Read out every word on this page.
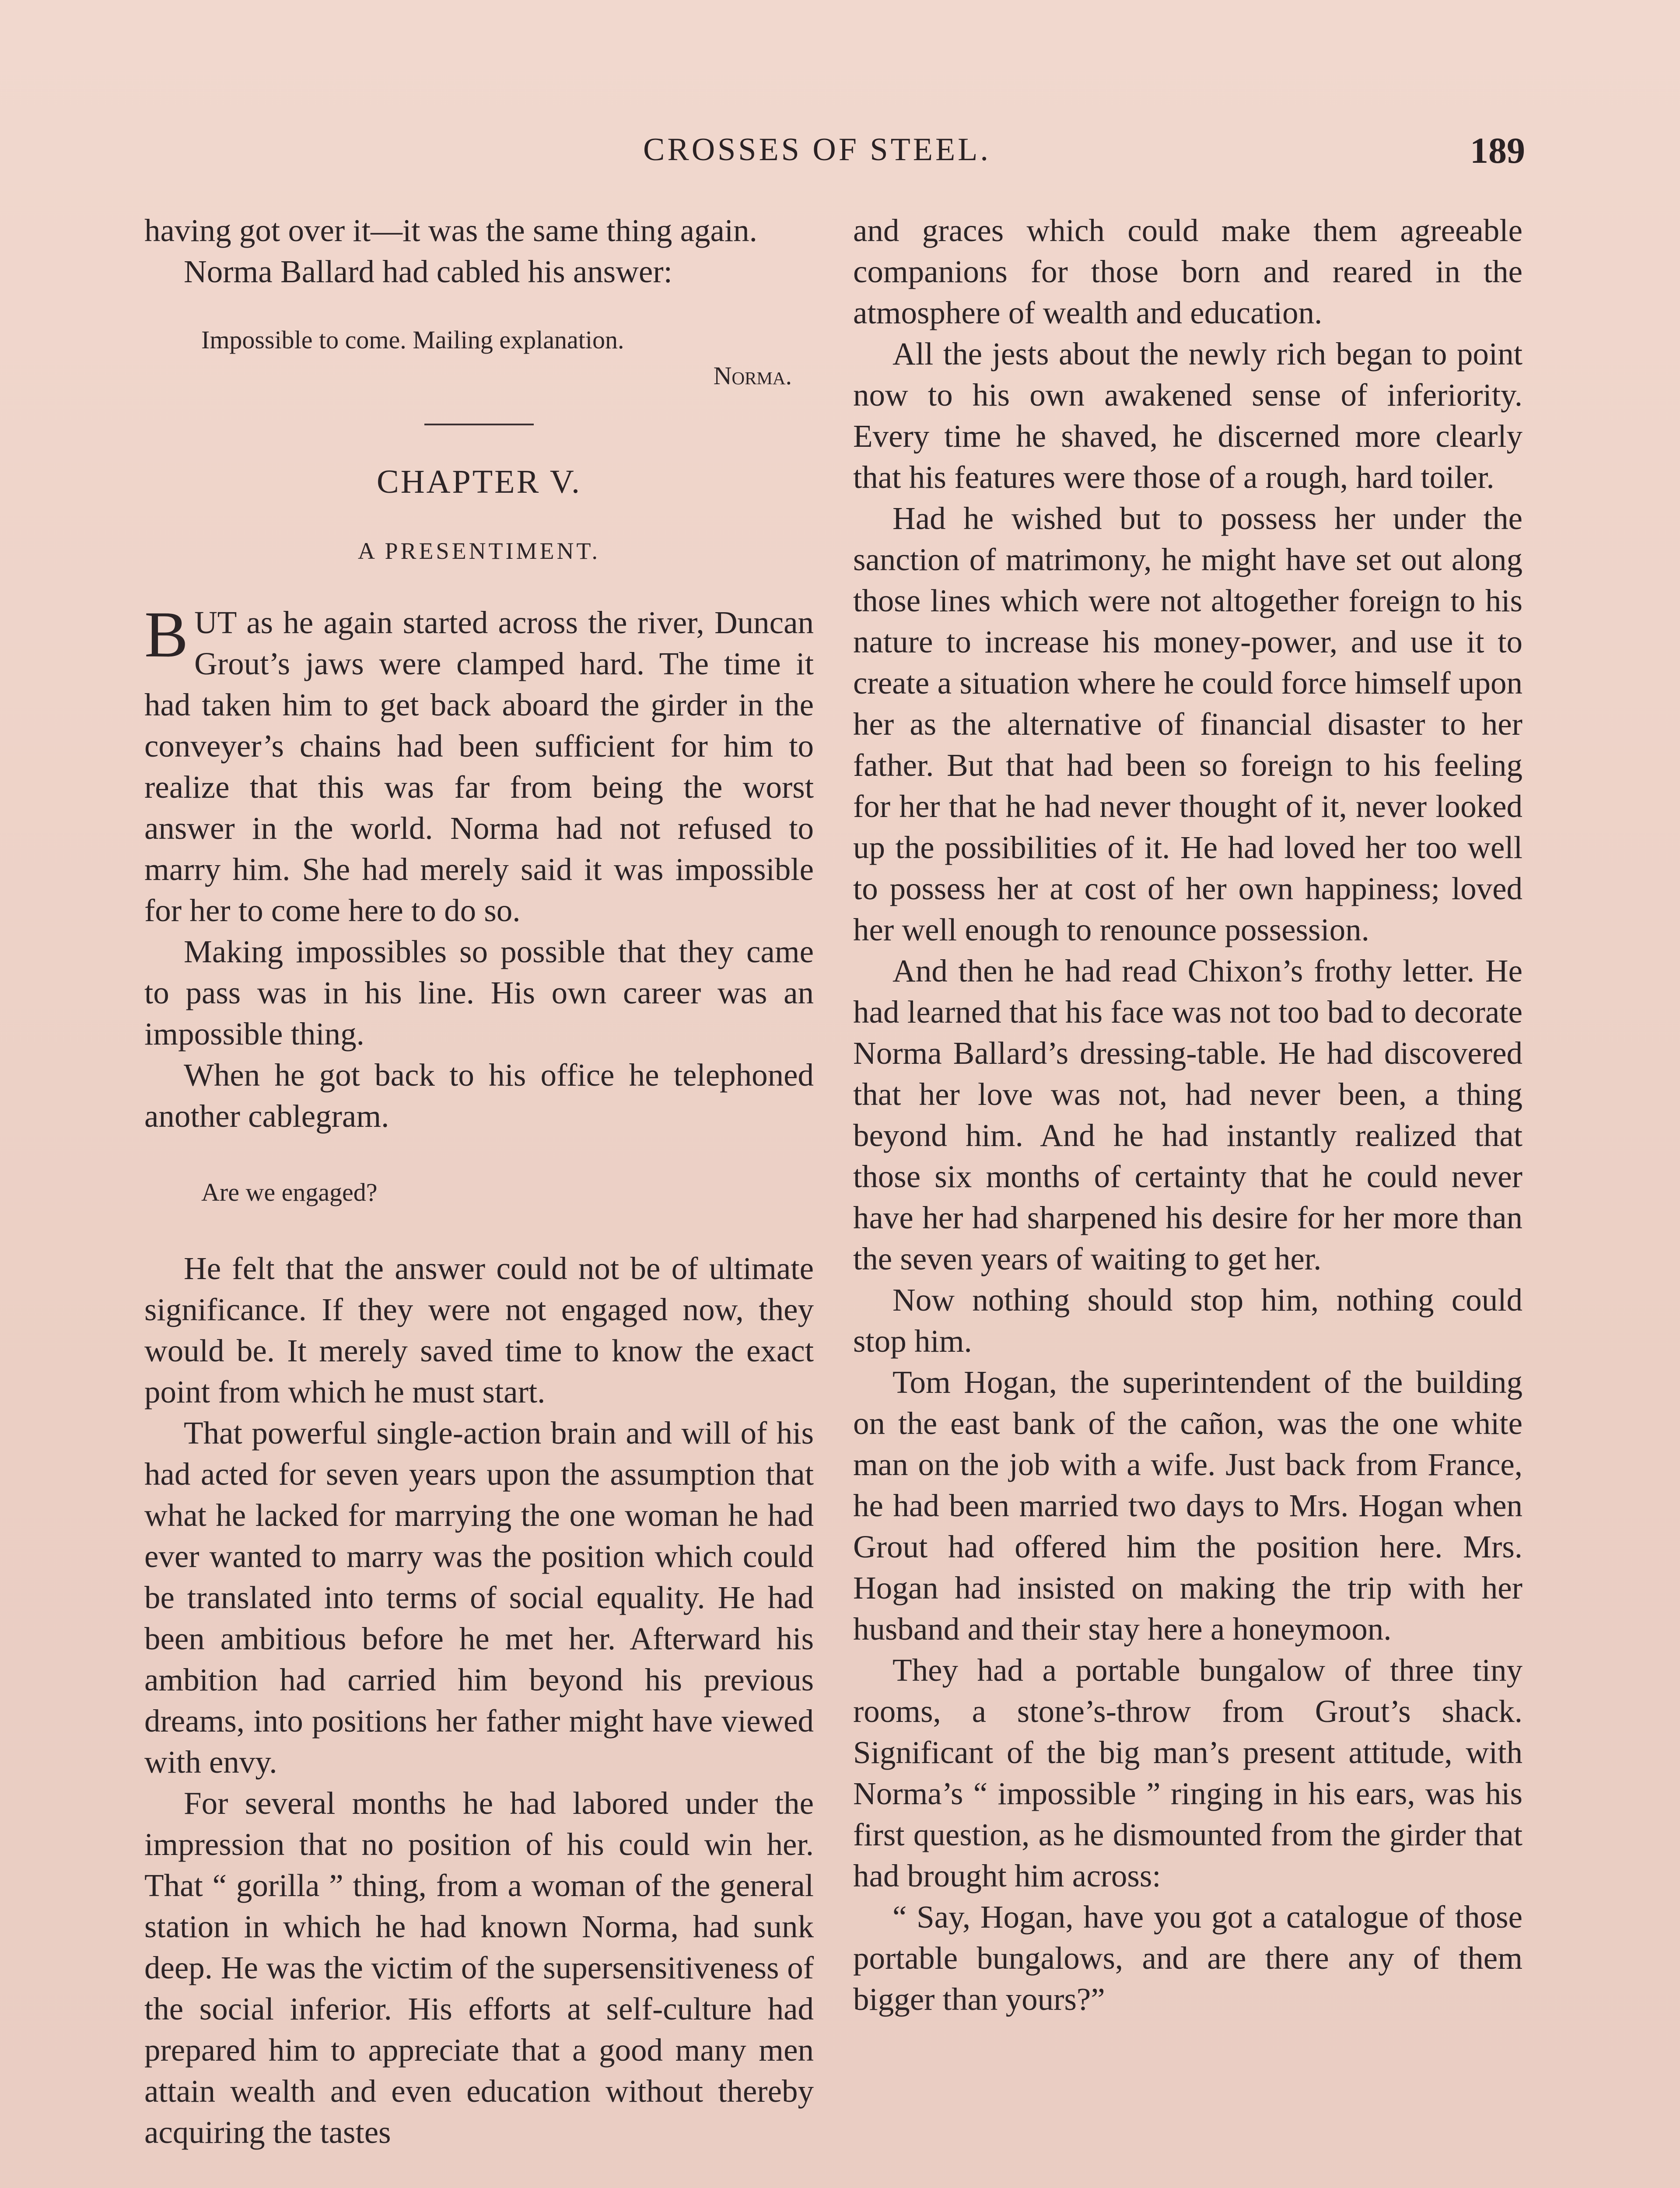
CROSSES OF STEEL.	189

having got over it—it was the same thing again.

Norma Ballard had cabled his answer:

Impossible to come. Mailing explanation.
Norma.
CHAPTER V.
A PRESENTIMENT.

BUT as he again started across the river, Duncan Grout’s jaws were clamped hard. The time it had taken him to get back aboard the girder in the conveyer’s chains had been sufficient for him to realize that this was far from being the worst answer in the world. Norma had not refused to marry him. She had merely said it was impossible for her to come here to do so.

Making impossibles so possible that they came to pass was in his line. His own career was an impossible thing.

When he got back to his office he telephoned another cablegram.

Are we engaged?

He felt that the answer could not be of ultimate significance. If they were not engaged now, they would be. It merely saved time to know the exact point from which he must start.

That powerful single-action brain and will of his had acted for seven years upon the assumption that what he lacked for marrying the one woman he had ever wanted to marry was the position which could be translated into terms of social equality. He had been ambitious before he met her. Afterward his ambition had carried him beyond his previous dreams, into positions her father might have viewed with envy.

For several months he had labored under the impression that no position of his could win her. That “ gorilla ” thing, from a woman of the general station in which he had known Norma, had sunk deep. He was the victim of the supersensitiveness of the social inferior. His efforts at self-culture had prepared him to appreciate that a good many men attain wealth and even education without thereby acquiring the tastes

and graces which could make them agreeable companions for those born and reared in the atmosphere of wealth and education.

All the jests about the newly rich began to point now to his own awakened sense of inferiority. Every time he shaved, he discerned more clearly that his features were those of a rough, hard toiler.

Had he wished but to possess her under the sanction of matrimony, he might have set out along those lines which were not altogether foreign to his nature to increase his money-power, and use it to create a situation where he could force himself upon her as the alternative of financial disaster to her father. But that had been so foreign to his feeling for her that he had never thought of it, never looked up the possibilities of it. He had loved her too well to possess her at cost of her own happiness; loved her well enough to renounce possession.

And then he had read Chixon’s frothy letter. He had learned that his face was not too bad to decorate Norma Ballard’s dressing-table. He had discovered that her love was not, had never been, a thing beyond him. And he had instantly realized that those six months of certainty that he could never have her had sharpened his desire for her more than the seven years of waiting to get her.

Now nothing should stop him, nothing could stop him.

Tom Hogan, the superintendent of the building on the east bank of the cañon, was the one white man on the job with a wife. Just back from France, he had been married two days to Mrs. Hogan when Grout had offered him the position here. Mrs. Hogan had insisted on making the trip with her husband and their stay here a honeymoon.

They had a portable bungalow of three tiny rooms, a stone’s-throw from Grout’s shack. Significant of the big man’s present attitude, with Norma’s “ impossible ” ringing in his ears, was his first question, as he dismounted from the girder that had brought him across:

“ Say, Hogan, have you got a catalogue of those portable bungalows, and are there any of them bigger than yours?”
